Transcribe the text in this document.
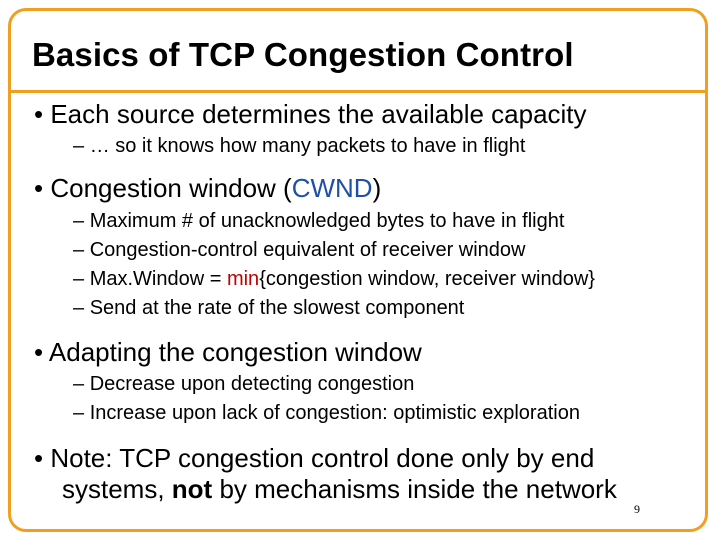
Basics of TCP Congestion Control
• Each source determines the available capacity
– … so it knows how many packets to have in flight
• Congestion window (CWND)
– Maximum # of unacknowledged bytes to have in flight
– Congestion-control equivalent of receiver window
– Max.Window = min{congestion window, receiver window}
– Send at the rate of the slowest component
• Adapting the congestion window
– Decrease upon detecting congestion
– Increase upon lack of congestion: optimistic exploration
• Note: TCP congestion control done only by end
systems, not by mechanisms inside the network
9
